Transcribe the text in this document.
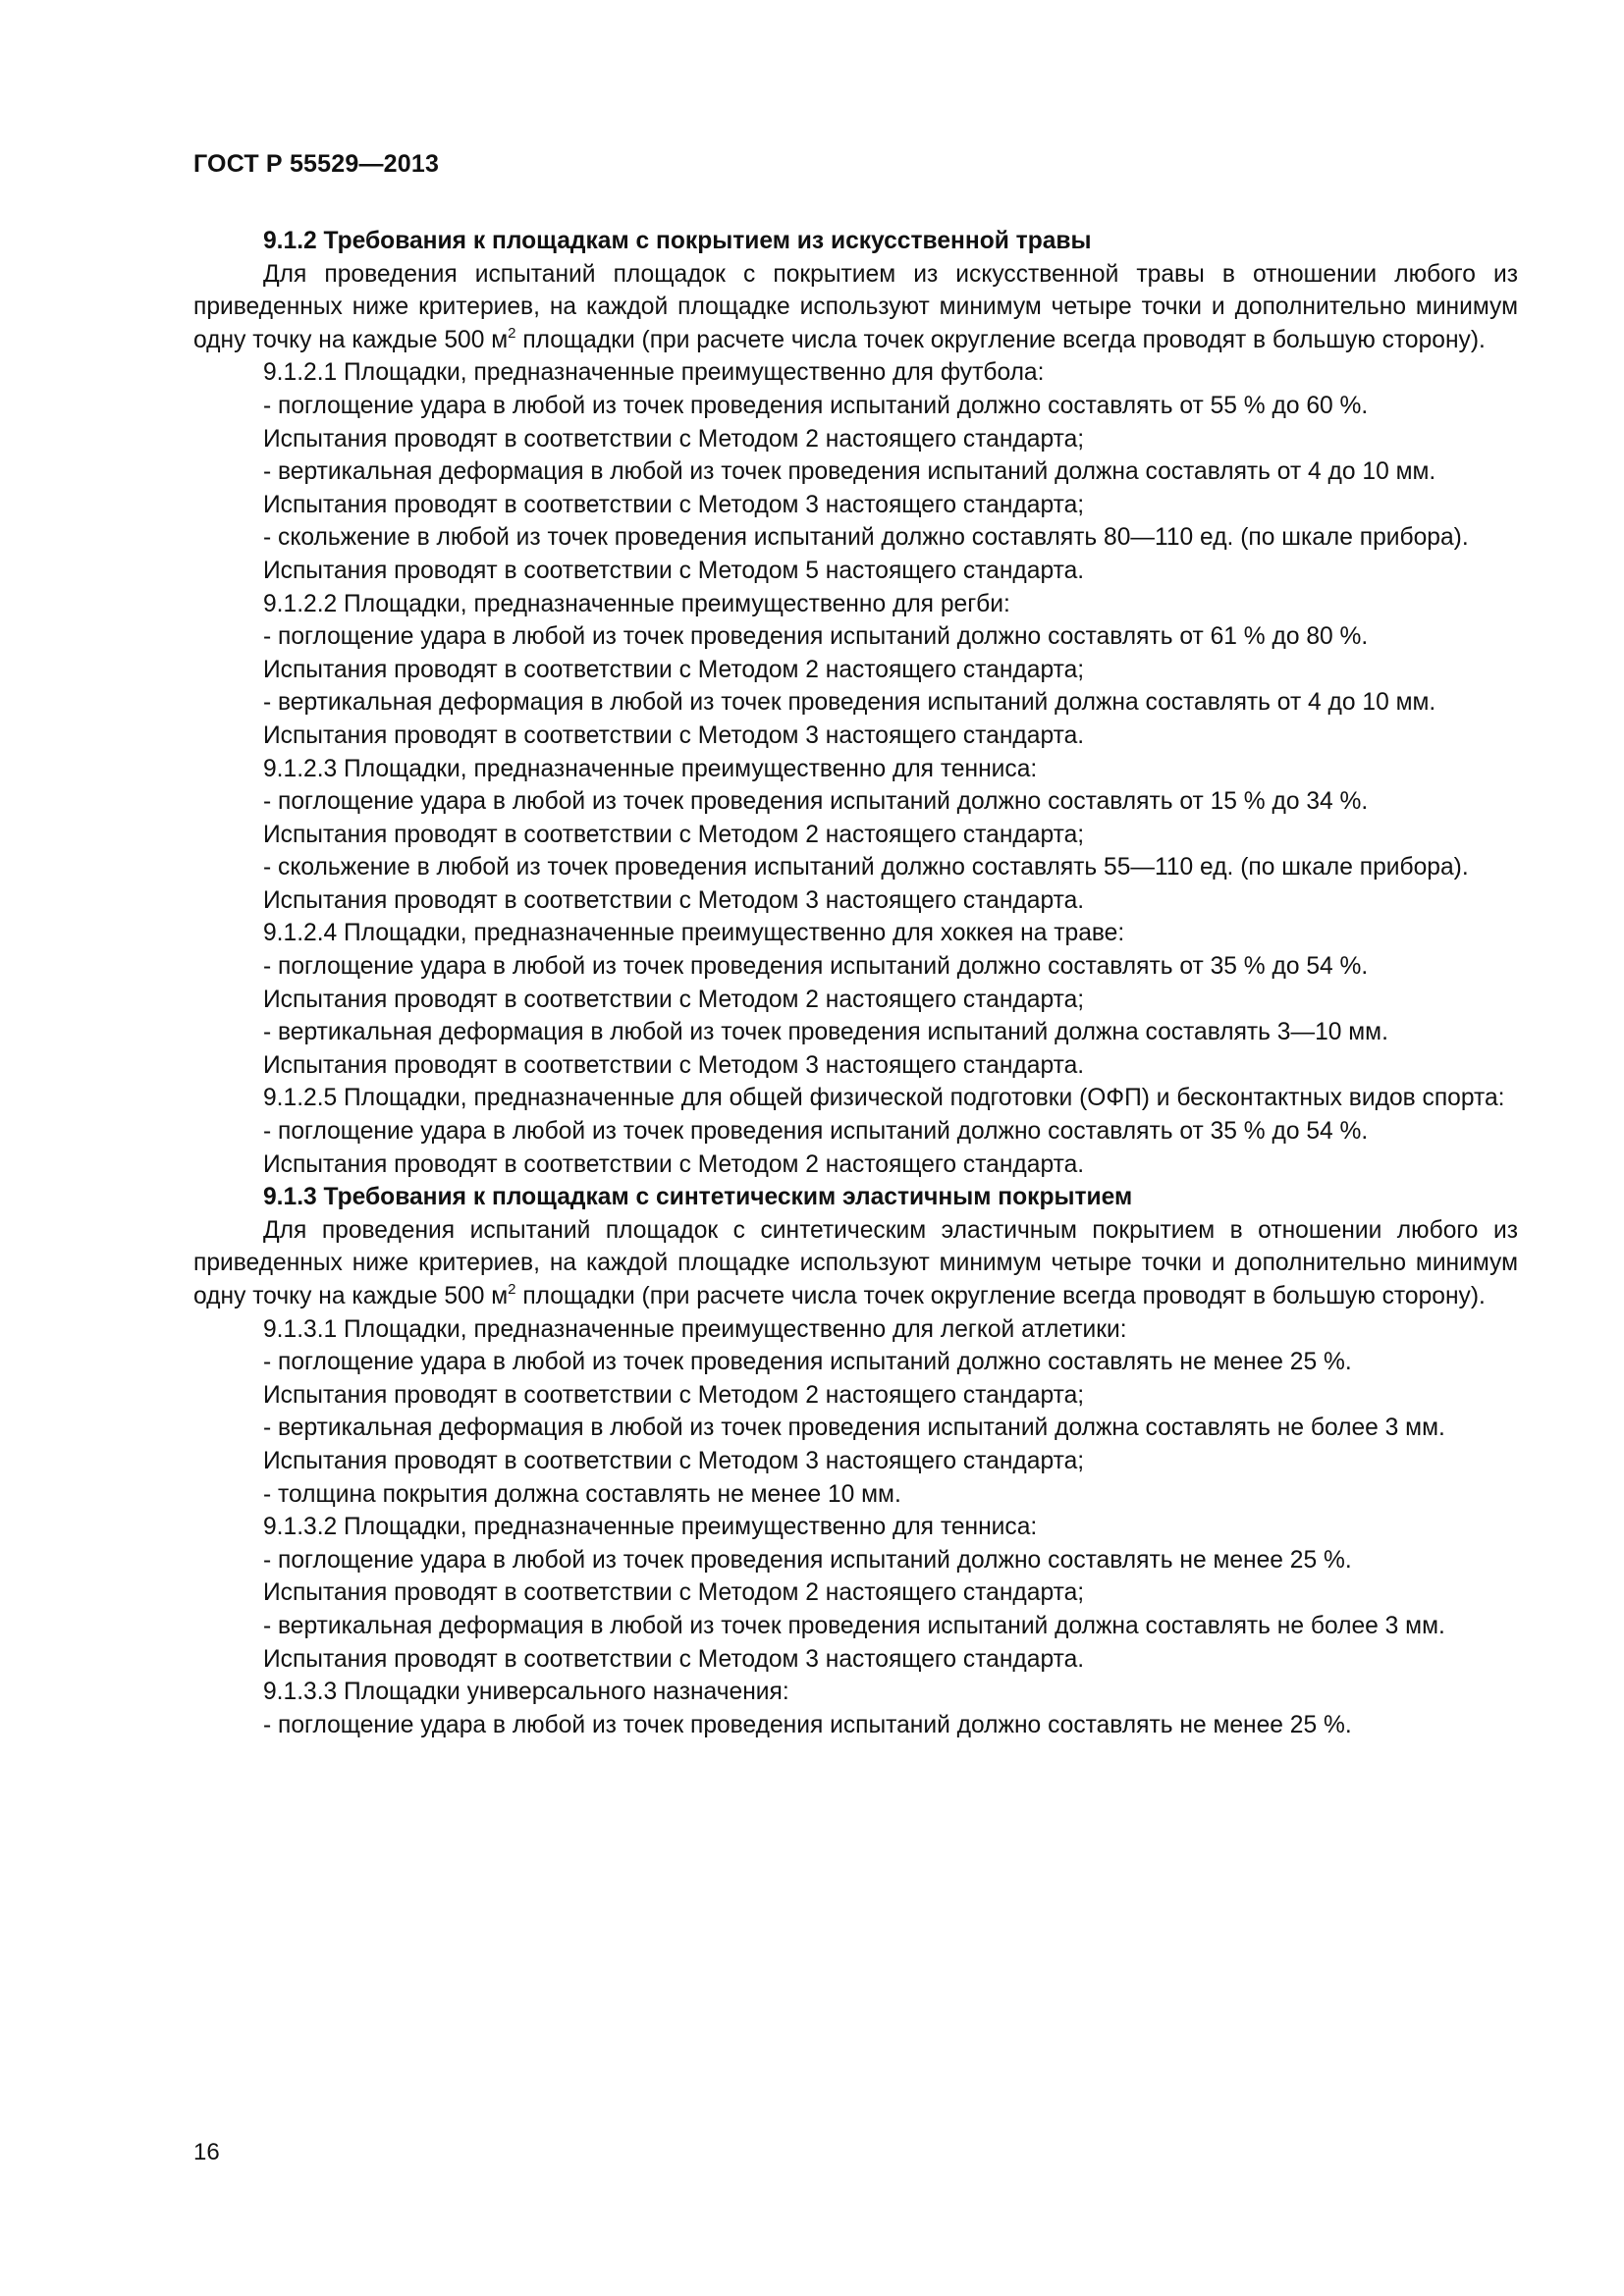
ГОСТ Р 55529—2013

9.1.2 Требования к площадкам с покрытием из искусственной травы

Для проведения испытаний площадок с покрытием из искусственной травы в отношении любого из приведенных ниже критериев, на каждой площадке используют минимум четыре точки и дополнительно минимум одну точку на каждые 500 $м^2$ площадки (при расчете числа точек округление всегда проводят в большую сторону).

9.1.2.1 Площадки, предназначенные преимущественно для футбола:

- поглощение удара в любой из точек проведения испытаний должно составлять от 55 % до 60 %.

Испытания проводят в соответствии с Методом 2 настоящего стандарта;

- вертикальная деформация в любой из точек проведения испытаний должна составлять от 4 до 10 мм.

Испытания проводят в соответствии с Методом 3 настоящего стандарта;

- скольжение в любой из точек проведения испытаний должно составлять 80—110 ед. (по шкале прибора).

Испытания проводят в соответствии с Методом 5 настоящего стандарта.

9.1.2.2 Площадки, предназначенные преимущественно для регби:

- поглощение удара в любой из точек проведения испытаний должно составлять от 61 % до 80 %.

Испытания проводят в соответствии с Методом 2 настоящего стандарта;

- вертикальная деформация в любой из точек проведения испытаний должна составлять от 4 до 10 мм.

Испытания проводят в соответствии с Методом 3 настоящего стандарта.

9.1.2.3 Площадки, предназначенные преимущественно для тенниса:

- поглощение удара в любой из точек проведения испытаний должно составлять от 15 % до 34 %.

Испытания проводят в соответствии с Методом 2 настоящего стандарта;

- скольжение в любой из точек проведения испытаний должно составлять 55—110 ед. (по шкале прибора).

Испытания проводят в соответствии с Методом 3 настоящего стандарта.

9.1.2.4 Площадки, предназначенные преимущественно для хоккея на траве:

- поглощение удара в любой из точек проведения испытаний должно составлять от 35 % до 54 %.

Испытания проводят в соответствии с Методом 2 настоящего стандарта;

- вертикальная деформация в любой из точек проведения испытаний должна составлять 3—10 мм.

Испытания проводят в соответствии с Методом 3 настоящего стандарта.

9.1.2.5 Площадки, предназначенные для общей физической подготовки (ОФП) и бесконтактных видов спорта:

- поглощение удара в любой из точек проведения испытаний должно составлять от 35 % до 54 %.

Испытания проводят в соответствии с Методом 2 настоящего стандарта.

9.1.3 Требования к площадкам с синтетическим эластичным покрытием

Для проведения испытаний площадок с синтетическим эластичным покрытием в отношении любого из приведенных ниже критериев, на каждой площадке используют минимум четыре точки и дополнительно минимум одну точку на каждые 500 $м^2$ площадки (при расчете числа точек округление всегда проводят в большую сторону).

9.1.3.1 Площадки, предназначенные преимущественно для легкой атлетики:

- поглощение удара в любой из точек проведения испытаний должно составлять не менее 25 %.

Испытания проводят в соответствии с Методом 2 настоящего стандарта;

- вертикальная деформация в любой из точек проведения испытаний должна составлять не более 3 мм.

Испытания проводят в соответствии с Методом 3 настоящего стандарта;

- толщина покрытия должна составлять не менее 10 мм.

9.1.3.2 Площадки, предназначенные преимущественно для тенниса:

- поглощение удара в любой из точек проведения испытаний должно составлять не менее 25 %.

Испытания проводят в соответствии с Методом 2 настоящего стандарта;

- вертикальная деформация в любой из точек проведения испытаний должна составлять не более 3 мм.

Испытания проводят в соответствии с Методом 3 настоящего стандарта.

9.1.3.3 Площадки универсального назначения:

- поглощение удара в любой из точек проведения испытаний должно составлять не менее 25 %.

16
